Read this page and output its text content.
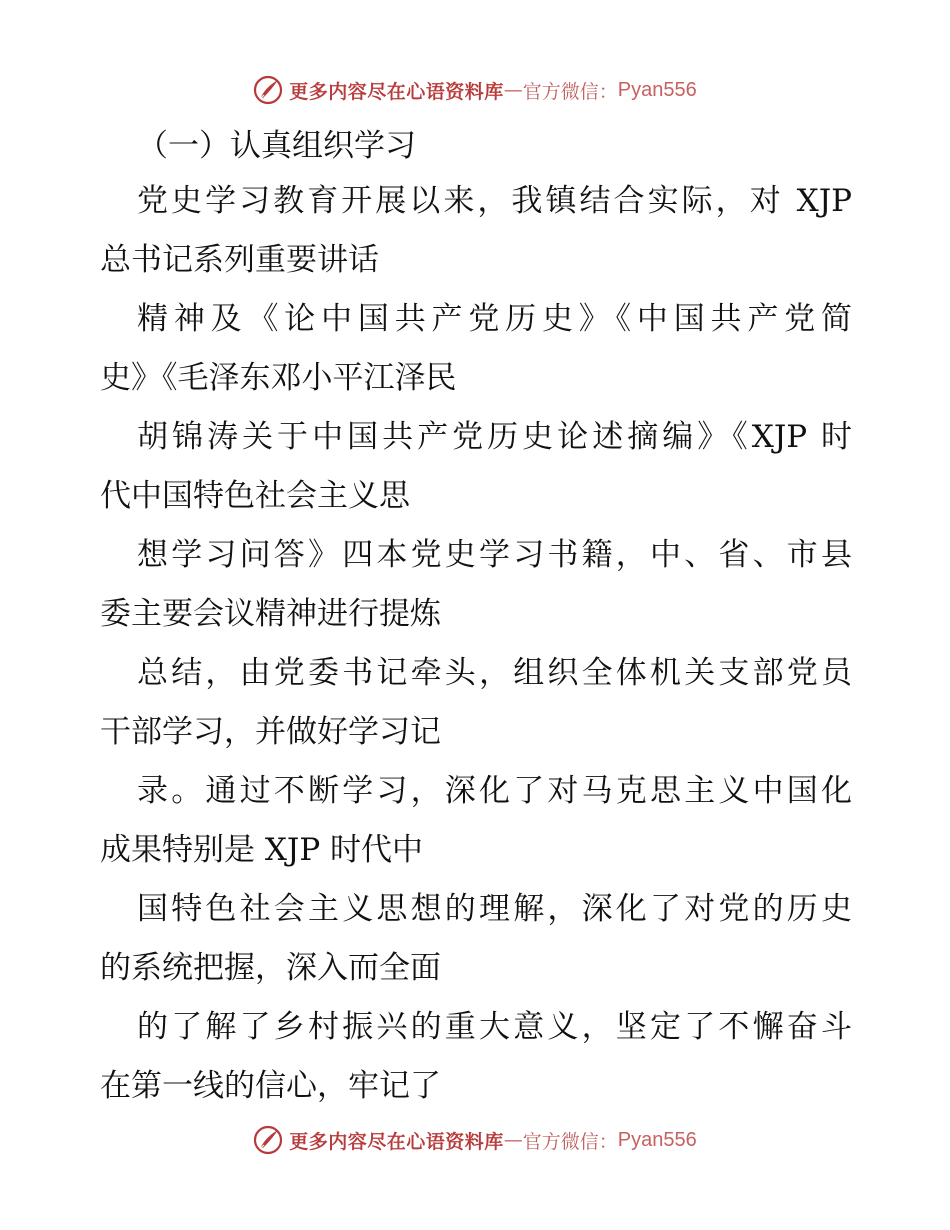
更多内容尽在心语资料库 — 官方微信： Pyan556
（一）认真组织学习

党史学习教育开展以来，我镇结合实际，对 XJP
总书记系列重要讲话

精神及《论中国共产党历史》《中国共产党简
史》《毛泽东邓小平江泽民

胡锦涛关于中国共产党历史论述摘编》《XJP 时
代中国特色社会主义思

想学习问答》四本党史学习书籍，中、省、市县
委主要会议精神进行提炼

总结，由党委书记牵头，组织全体机关支部党员
干部学习，并做好学习记

录。通过不断学习，深化了对马克思主义中国化
成果特别是 XJP 时代中

国特色社会主义思想的理解，深化了对党的历史
的系统把握，深入而全面

的了解了乡村振兴的重大意义，坚定了不懈奋斗
在第一线的信心，牢记了

更多内容尽在心语资料库 — 官方微信： Pyan556
